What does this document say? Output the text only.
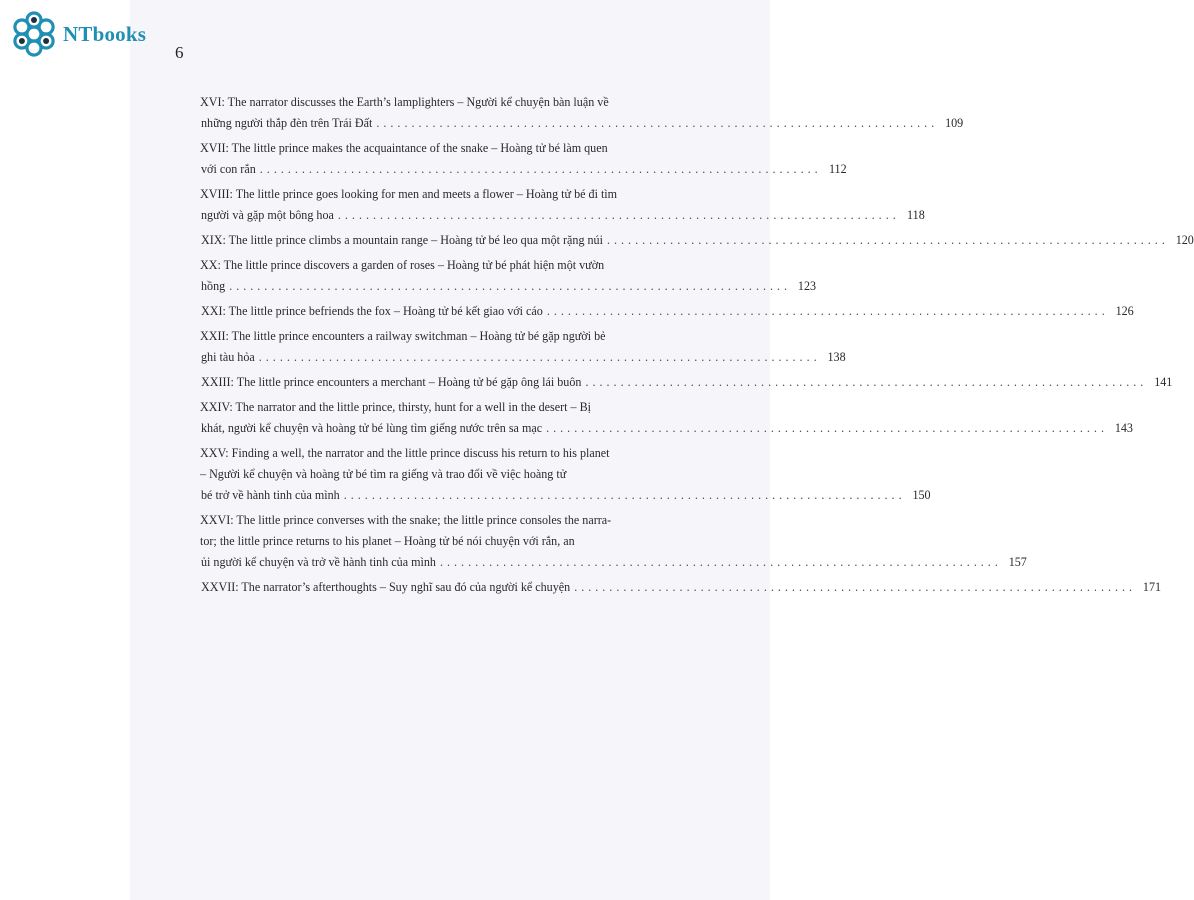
NTbooks
6
XVI: The narrator discusses the Earth’s lamplighters – Người kể chuyện bàn luận về
những người thắp đèn trên Trái Đất ................................................................................ 109
XVII: The little prince makes the acquaintance of the snake – Hoàng tử bé làm quen
với con rắn ................................................................................ 112
XVIII: The little prince goes looking for men and meets a flower – Hoàng tử bé đi tìm
người và gặp một bông hoa ................................................................................ 118
XIX: The little prince climbs a mountain range – Hoàng tử bé leo qua một rặng núi ................................................................................ 120
XX: The little prince discovers a garden of roses – Hoàng tử bé phát hiện một vườn
hồng ................................................................................ 123
XXI: The little prince befriends the fox – Hoàng tử bé kết giao với cáo ................................................................................ 126
XXII: The little prince encounters a railway switchman – Hoàng tử bé gặp người bẻ
ghi tàu hỏa ................................................................................ 138
XXIII: The little prince encounters a merchant – Hoàng tử bé gặp ông lái buôn ................................................................................ 141
XXIV: The narrator and the little prince, thirsty, hunt for a well in the desert – Bị
khát, người kể chuyện và hoàng tử bé lùng tìm giếng nước trên sa mạc ................................................................................ 143
XXV: Finding a well, the narrator and the little prince discuss his return to his planet
– Người kể chuyện và hoàng tử bé tìm ra giếng và trao đổi về việc hoàng tử
bé trở về hành tinh của mình ................................................................................ 150
XXVI: The little prince converses with the snake; the little prince consoles the narra-
tor; the little prince returns to his planet – Hoàng tử bé nói chuyện với rắn, an
ủi người kể chuyện và trở về hành tinh của mình ................................................................................ 157
XXVII: The narrator’s afterthoughts – Suy nghĩ sau đó của người kể chuyện ................................................................................ 171
